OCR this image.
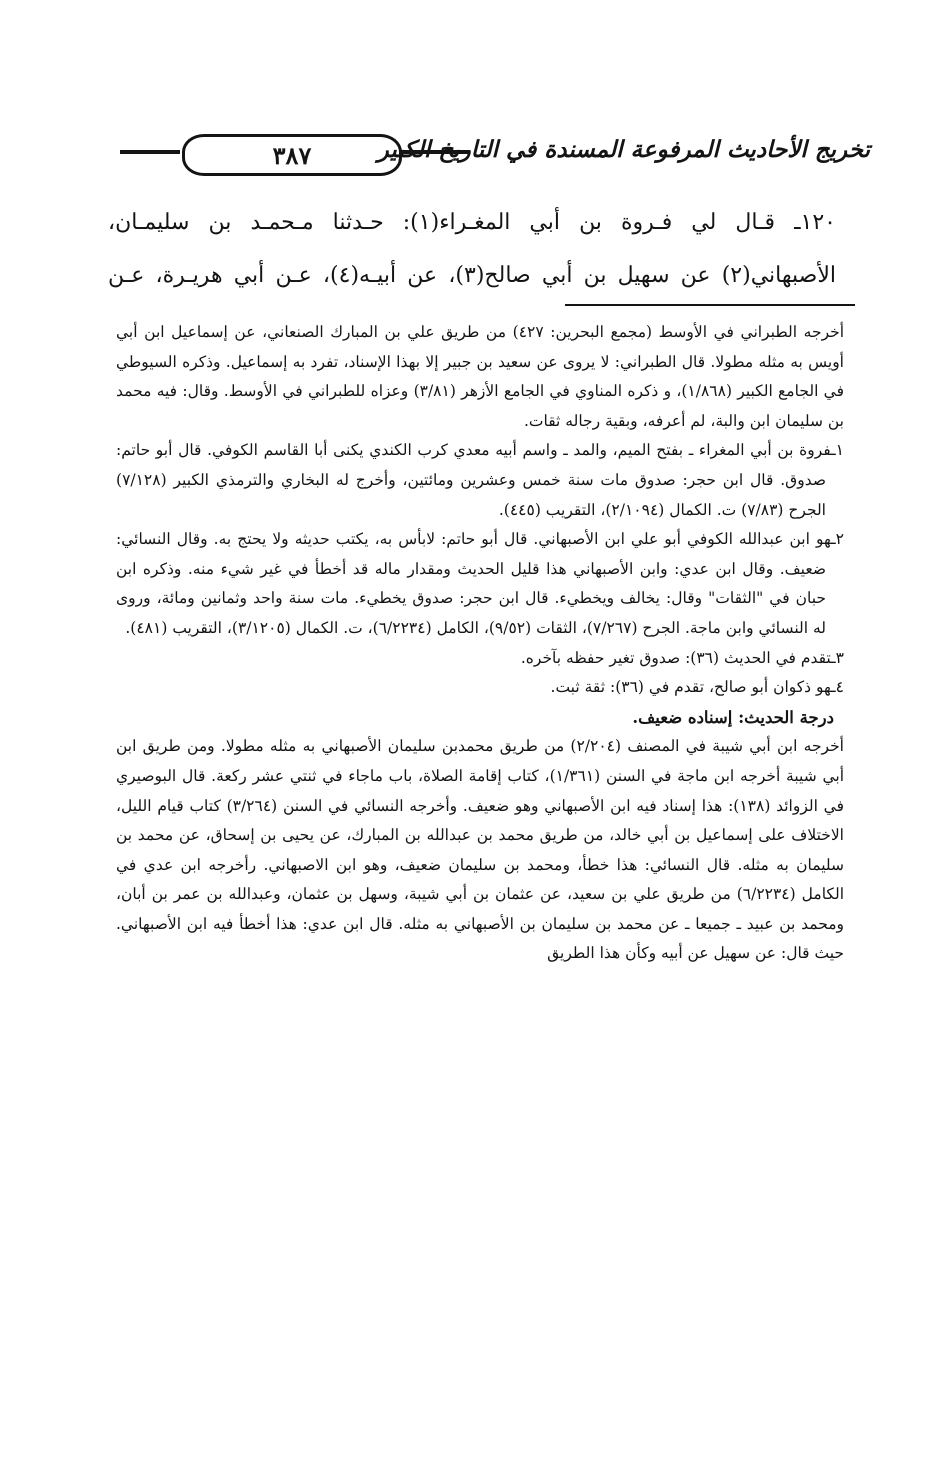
٣٨٧	تخريج الأحاديث المرفوعة المسندة في التاريخ الكبير

١٢٠ـ قـال لي فـروة بن أبي المغـراء(١): حـدثنا مـحمـد بن سليمـان،

الأصبهاني(٢) عن سهيل بن أبي صالح(٣)، عن أبيـه(٤)، عـن أبي هريـرة، عـن

أخرجه الطبراني في الأوسط (مجمع البحرين: ٤٢٧) من طريق علي بن المبارك الصنعاني، عن إسماعيل ابن أبي أويس به مثله مطولا. قال الطبراني: لا يروى عن سعيد بن جبير إلا بهذا الإسناد، تفرد به إسماعيل. وذكره السيوطي في الجامع الكبير (١/٨٦٨)، و ذكره المناوي في الجامع الأزهر (٣/٨١) وعزاه للطبراني في الأوسط. وقال: فيه محمد بن سليمان ابن والبة، لم أعرفه، وبقية رجاله ثقات.

١ـفروة بن أبي المغراء ـ بفتح الميم، والمد ـ واسم أبيه معدي كرب الكندي يكنى أبا القاسم الكوفي. قال أبو حاتم: صدوق. قال ابن حجر: صدوق مات سنة خمس وعشرين ومائتين، وأخرج له البخاري والترمذي الكبير (٧/١٢٨) الجرح (٧/٨٣) ت. الكمال (٢/١٠٩٤)، التقريب (٤٤٥).

٢ـهو ابن عبدالله الكوفي أبو علي ابن الأصبهاني. قال أبو حاتم: لابأس به، يكتب حديثه ولا يحتج به. وقال النسائي: ضعيف. وقال ابن عدي: وابن الأصبهاني هذا قليل الحديث ومقدار ماله قد أخطأ في غير شيء منه. وذكره ابن حبان في "الثقات" وقال: يخالف ويخطيء. قال ابن حجر: صدوق يخطيء. مات سنة واحد وثمانين ومائة، وروى له النسائي وابن ماجة. الجرح (٧/٢٦٧)، الثقات (٩/٥٢)، الكامل (٦/٢٢٣٤)، ت. الكمال (٣/١٢٠٥)، التقريب (٤٨١).

٣ـتقدم في الحديث (٣٦): صدوق تغير حفظه بآخره.

٤ـهو ذكوان أبو صالح، تقدم في (٣٦): ثقة ثبت.

درجة الحديث: إسناده ضعيف.

أخرجه ابن أبي شيبة في المصنف (٢/٢٠٤) من طريق محمدبن سليمان الأصبهاني به مثله مطولا. ومن طريق ابن أبي شيبة أخرجه ابن ماجة في السنن (١/٣٦١)، كتاب إقامة الصلاة، باب ماجاء في ثنتي عشر ركعة. قال البوصيري في الزوائد (١٣٨): هذا إسناد فيه ابن الأصبهاني وهو ضعيف. وأخرجه النسائي في السنن (٣/٢٦٤) كتاب قيام الليل، الاختلاف على إسماعيل بن أبي خالد، من طريق محمد بن عبدالله بن المبارك، عن يحيى بن إسحاق، عن محمد بن سليمان به مثله. قال النسائي: هذا خطأ، ومحمد بن سليمان ضعيف، وهو ابن الاصبهاني. رأخرجه ابن عدي في الكامل (٦/٢٢٣٤) من طريق علي بن سعيد، عن عثمان بن أبي شيبة، وسهل بن عثمان، وعبدالله بن عمر بن أبان، ومحمد بن عبيد ـ جميعا ـ عن محمد بن سليمان بن الأصبهاني به مثله. قال ابن عدي: هذا أخطأ فيه ابن الأصبهاني. حيث قال: عن سهيل عن أبيه وكأن هذا الطريق
